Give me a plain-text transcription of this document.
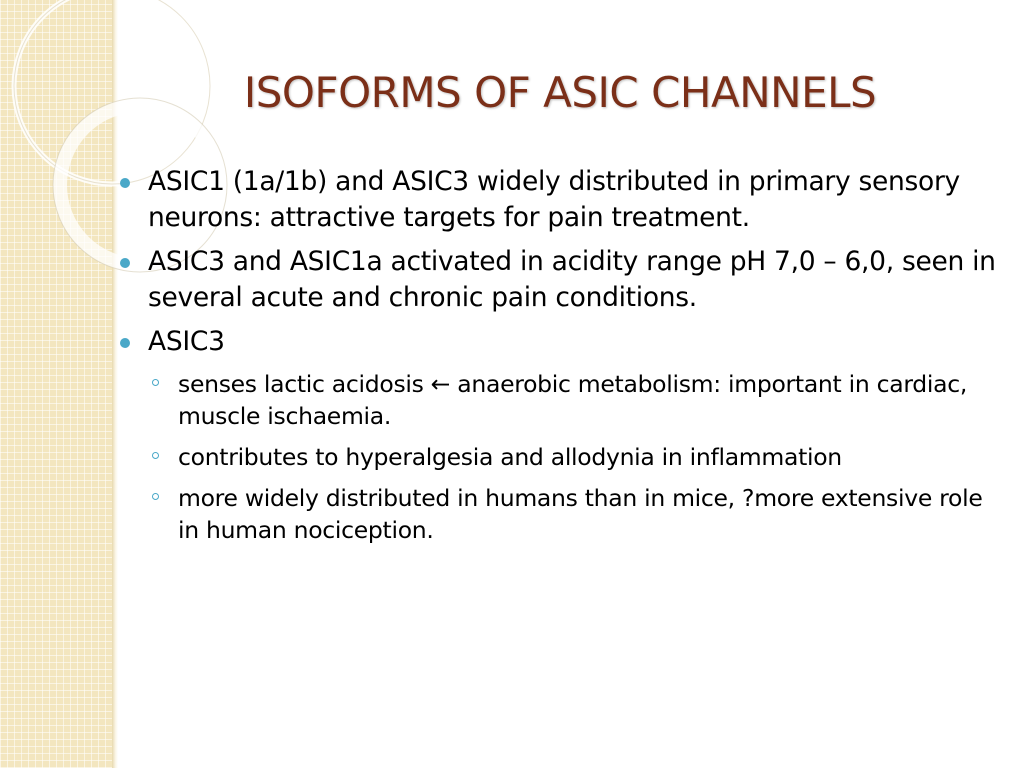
ISOFORMS OF ASIC CHANNELS
ASIC1 (1a/1b) and ASIC3 widely distributed in primary sensory neurons: attractive targets for pain treatment.
ASIC3 and ASIC1a activated in acidity range pH 7,0 – 6,0, seen in several acute and chronic pain conditions.
ASIC3
senses lactic acidosis ← anaerobic metabolism: important in cardiac, muscle ischaemia.
contributes to hyperalgesia and allodynia in inflammation
more widely distributed in humans than in mice, ?more extensive role in human nociception.
